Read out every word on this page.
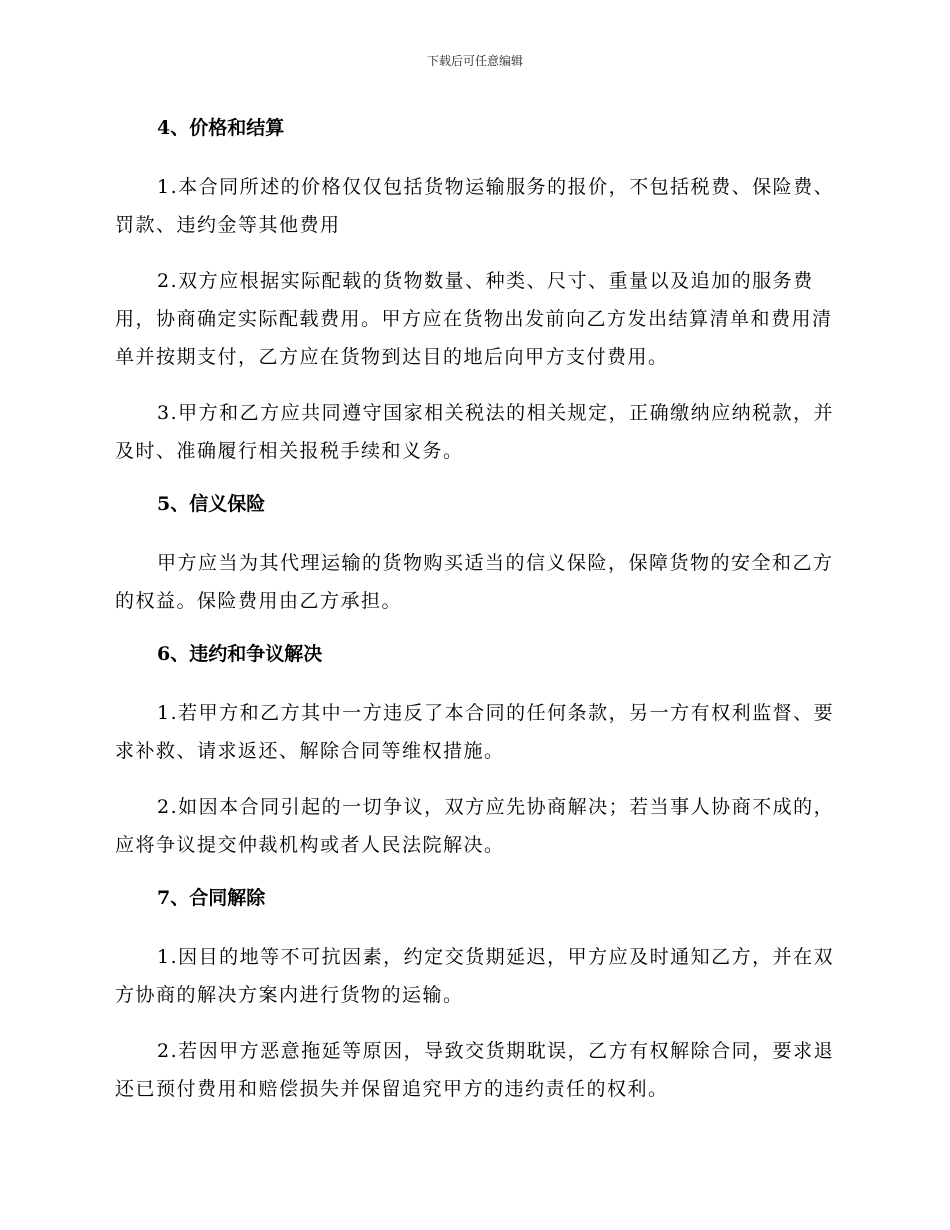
下载后可任意编辑
4、价格和结算

1.本合同所述的价格仅仅包括货物运输服务的报价，不包括税费、保险费、罚款、违约金等其他费用

2.双方应根据实际配载的货物数量、种类、尺寸、重量以及追加的服务费用，协商确定实际配载费用。甲方应在货物出发前向乙方发出结算清单和费用清单并按期支付，乙方应在货物到达目的地后向甲方支付费用。

3.甲方和乙方应共同遵守国家相关税法的相关规定，正确缴纳应纳税款，并及时、准确履行相关报税手续和义务。

5、信义保险

甲方应当为其代理运输的货物购买适当的信义保险，保障货物的安全和乙方的权益。保险费用由乙方承担。

6、违约和争议解决

1.若甲方和乙方其中一方违反了本合同的任何条款，另一方有权利监督、要求补救、请求返还、解除合同等维权措施。

2.如因本合同引起的一切争议，双方应先协商解决；若当事人协商不成的，应将争议提交仲裁机构或者人民法院解决。

7、合同解除

1.因目的地等不可抗因素，约定交货期延迟，甲方应及时通知乙方，并在双方协商的解决方案内进行货物的运输。

2.若因甲方恶意拖延等原因，导致交货期耽误，乙方有权解除合同，要求退还已预付费用和赔偿损失并保留追究甲方的违约责任的权利。
